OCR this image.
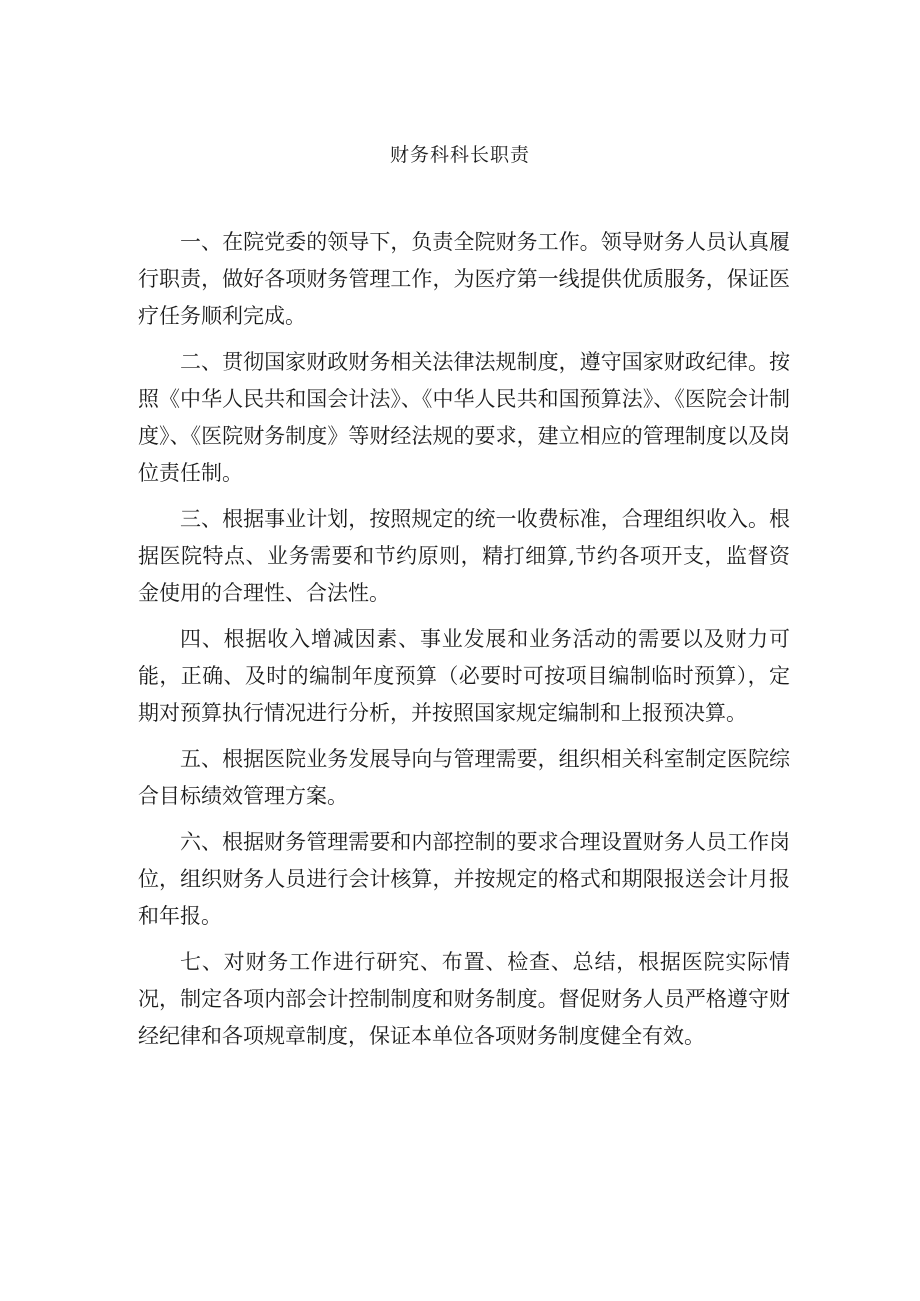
财务科科长职责

一、在院党委的领导下，负责全院财务工作。领导财务人员认真履行职责，做好各项财务管理工作，为医疗第一线提供优质服务，保证医疗任务顺利完成。

二、贯彻国家财政财务相关法律法规制度，遵守国家财政纪律。按照《中华人民共和国会计法》、《中华人民共和国预算法》、《医院会计制度》、《医院财务制度》等财经法规的要求，建立相应的管理制度以及岗位责任制。

三、根据事业计划，按照规定的统一收费标准，合理组织收入。根据医院特点、业务需要和节约原则，精打细算,节约各项开支，监督资金使用的合理性、合法性。

四、根据收入增减因素、事业发展和业务活动的需要以及财力可能，正确、及时的编制年度预算（必要时可按项目编制临时预算），定期对预算执行情况进行分析，并按照国家规定编制和上报预决算。

五、根据医院业务发展导向与管理需要，组织相关科室制定医院综合目标绩效管理方案。

六、根据财务管理需要和内部控制的要求合理设置财务人员工作岗位，组织财务人员进行会计核算，并按规定的格式和期限报送会计月报和年报。

七、对财务工作进行研究、布置、检查、总结，根据医院实际情况，制定各项内部会计控制制度和财务制度。督促财务人员严格遵守财经纪律和各项规章制度，保证本单位各项财务制度健全有效。
